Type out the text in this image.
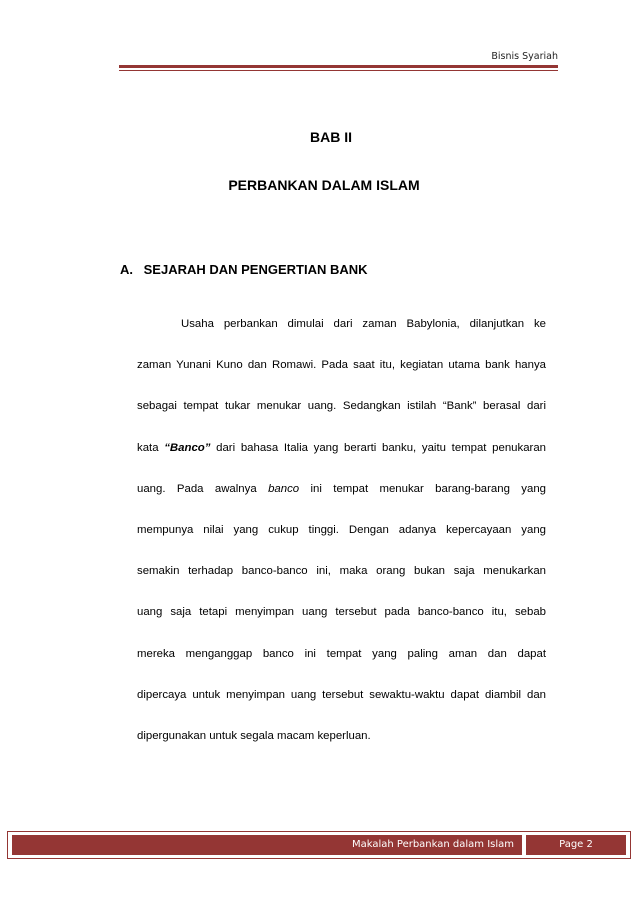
Bisnis Syariah
BAB II
PERBANKAN DALAM ISLAM
A. SEJARAH DAN PENGERTIAN BANK
Usaha perbankan dimulai dari zaman Babylonia, dilanjutkan ke
zaman Yunani Kuno dan Romawi. Pada saat itu, kegiatan utama bank hanya
sebagai tempat tukar menukar uang. Sedangkan istilah “Bank” berasal dari
kata “Banco” dari bahasa Italia yang berarti banku, yaitu tempat penukaran
uang. Pada awalnya banco ini tempat menukar barang-barang yang
mempunya nilai yang cukup tinggi. Dengan adanya kepercayaan yang
semakin terhadap banco-banco ini, maka orang bukan saja menukarkan
uang saja tetapi menyimpan uang tersebut pada banco-banco itu, sebab
mereka menganggap banco ini tempat yang paling aman dan dapat
dipercaya untuk menyimpan uang tersebut sewaktu-waktu dapat diambil dan
dipergunakan untuk segala macam keperluan.
Makalah Perbankan dalam Islam	Page 2
